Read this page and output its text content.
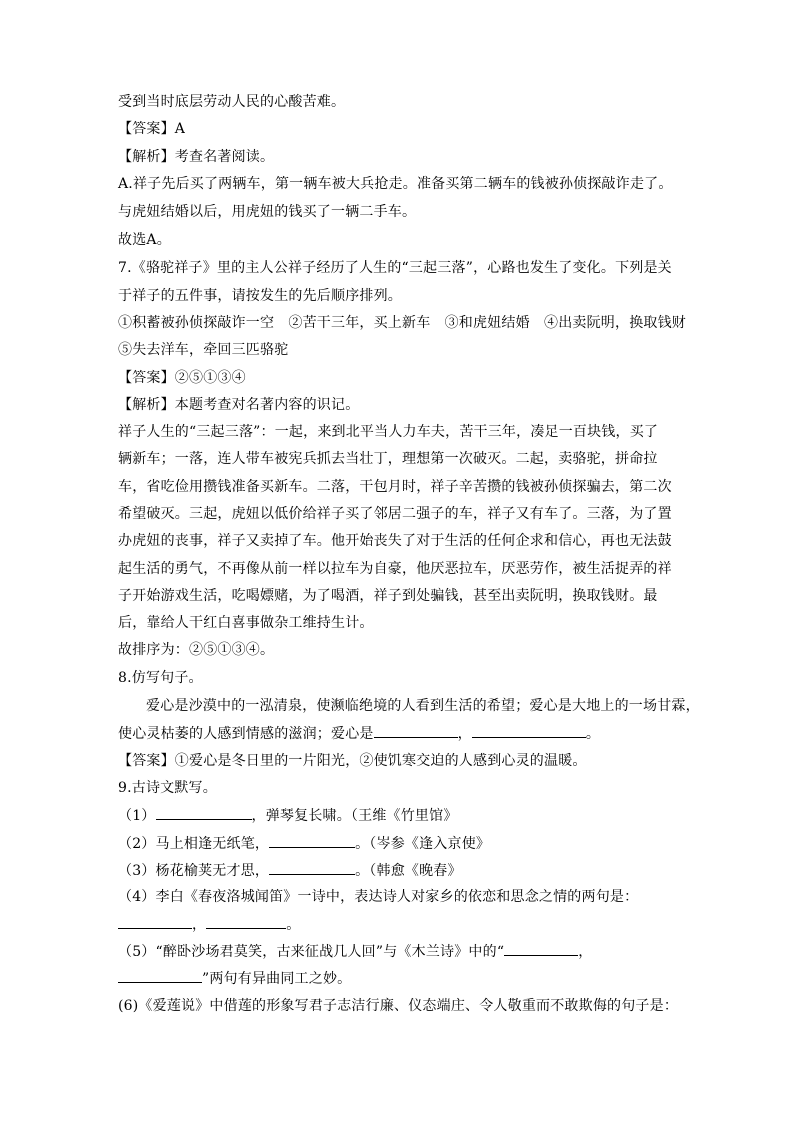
受到当时底层劳动人民的心酸苦难。
【答案】A
【解析】考查名著阅读。
A.祥子先后买了两辆车，第一辆车被大兵抢走。准备买第二辆车的钱被孙侦探敲诈走了。
与虎妞结婚以后，用虎妞的钱买了一辆二手车。
故选A。
7.《骆驼祥子》里的主人公祥子经历了人生的“三起三落”，心路也发生了变化。下列是关
于祥子的五件事，请按发生的先后顺序排列。
①积蓄被孙侦探敲诈一空　②苦干三年，买上新车　③和虎妞结婚　④出卖阮明，换取钱财
⑤失去洋车，牵回三匹骆驼
【答案】②⑤①③④
【解析】本题考查对名著内容的识记。
祥子人生的“三起三落”：一起，来到北平当人力车夫，苦干三年，凑足一百块钱，买了
辆新车；一落，连人带车被宪兵抓去当壮丁，理想第一次破灭。二起，卖骆驼，拼命拉
车，省吃俭用攒钱准备买新车。二落，干包月时，祥子辛苦攒的钱被孙侦探骗去，第二次
希望破灭。三起，虎妞以低价给祥子买了邻居二强子的车，祥子又有车了。三落，为了置
办虎妞的丧事，祥子又卖掉了车。他开始丧失了对于生活的任何企求和信心，再也无法鼓
起生活的勇气，不再像从前一样以拉车为自豪，他厌恶拉车，厌恶劳作，被生活捉弄的祥
子开始游戏生活，吃喝嫖赌，为了喝酒，祥子到处骗钱，甚至出卖阮明，换取钱财。最
后，靠给人干红白喜事做杂工维持生计。
故排序为：②⑤①③④。
8.仿写句子。
爱心是沙漠中的一泓清泉，使濒临绝境的人看到生活的希望；爱心是大地上的一场甘霖，
使心灵枯萎的人感到情感的滋润；爱心是	，	。
【答案】①爱心是冬日里的一片阳光，②使饥寒交迫的人感到心灵的温暖。
9.古诗文默写。
（1）	，弹琴复长啸。（王维《竹里馆》
（2）马上相逢无纸笔，	。（岑参《逢入京使》
（3）杨花榆荚无才思，	。（韩愈《晚春》
（4）李白《春夜洛城闻笛》一诗中，表达诗人对家乡的依恋和思念之情的两句是：
，	。
（5）“醉卧沙场君莫笑，古来征战几人回”与《木兰诗》中的“	，
”两句有异曲同工之妙。
(6)《爱莲说》中借莲的形象写君子志洁行廉、仪态端庄、令人敬重而不敢欺侮的句子是：
